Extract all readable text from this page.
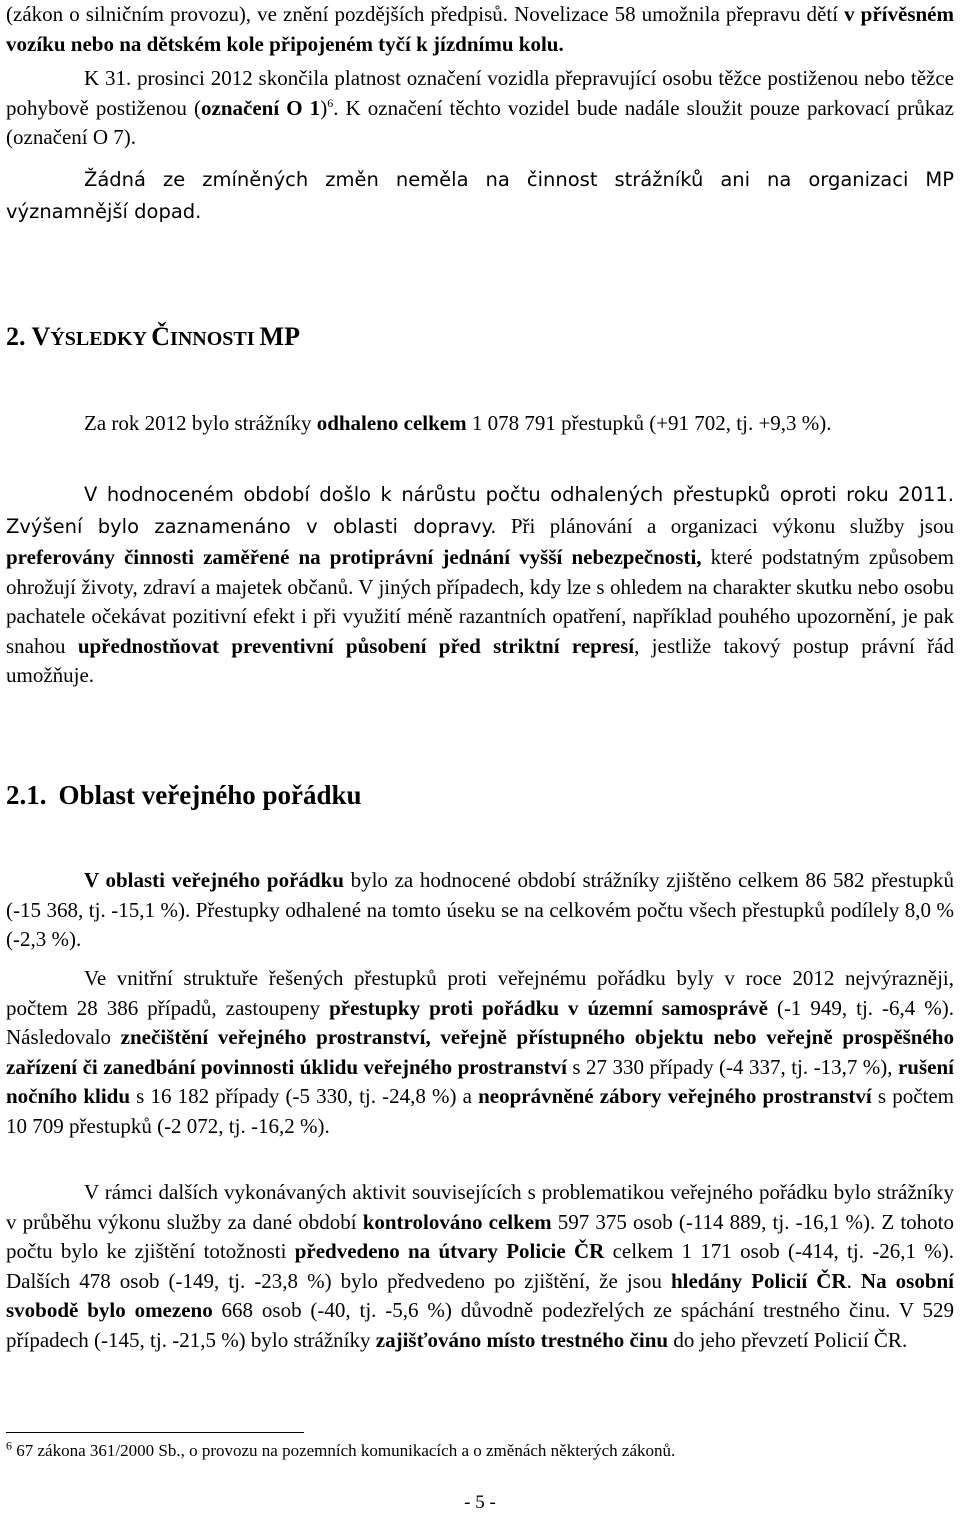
(zákon o silničním provozu), ve znění pozdějších předpisů. Novelizace 58 umožnila přepravu dětí v přívěsném vozíku nebo na dětském kole připojeném tyčí k jízdnímu kolu.

K 31. prosinci 2012 skončila platnost označení vozidla přepravující osobu těžce postiženou nebo těžce pohybově postiženou (označení O 1)$^6$. K označení těchto vozidel bude nadále sloužit pouze parkovací průkaz (označení O 7).

Žádná ze zmíněných změn neměla na činnost strážníků ani na organizaci MP významnější dopad.

2. VÝSLEDKY ČINNOSTI MP

Za rok 2012 bylo strážníky odhaleno celkem 1 078 791 přestupků (+91 702, tj. +9,3 %).

V hodnoceném období došlo k nárůstu počtu odhalených přestupků oproti roku 2011. Zvýšení bylo zaznamenáno v oblasti dopravy. Při plánování a organizaci výkonu služby jsou preferovány činnosti zaměřené na protiprávní jednání vyšší nebezpečnosti, které podstatným způsobem ohrožují životy, zdraví a majetek občanů. V jiných případech, kdy lze s ohledem na charakter skutku nebo osobu pachatele očekávat pozitivní efekt i při využití méně razantních opatření, například pouhého upozornění, je pak snahou upřednostňovat preventivní působení před striktní represí, jestliže takový postup právní řád umožňuje.

2.1. Oblast veřejného pořádku

V oblasti veřejného pořádku bylo za hodnocené období strážníky zjištěno celkem 86 582 přestupků (-15 368, tj. -15,1 %). Přestupky odhalené na tomto úseku se na celkovém počtu všech přestupků podílely 8,0 % (-2,3 %).

Ve vnitřní struktuře řešených přestupků proti veřejnému pořádku byly v roce 2012 nejvýrazněji, počtem 28 386 případů, zastoupeny přestupky proti pořádku v územní samosprávě (-1 949, tj. -6,4 %). Následovalo znečištění veřejného prostranství, veřejně přístupného objektu nebo veřejně prospěšného zařízení či zanedbání povinnosti úklidu veřejného prostranství s 27 330 případy (-4 337, tj. -13,7 %), rušení nočního klidu s 16 182 případy (-5 330, tj. -24,8 %) a neoprávněné zábory veřejného prostranství s počtem 10 709 přestupků (-2 072, tj. -16,2 %).

V rámci dalších vykonávaných aktivit souvisejících s problematikou veřejného pořádku bylo strážníky v průběhu výkonu služby za dané období kontrolováno celkem 597 375 osob (-114 889, tj. -16,1 %). Z tohoto počtu bylo ke zjištění totožnosti předvedeno na útvary Policie ČR celkem 1 171 osob (-414, tj. -26,1 %). Dalších 478 osob (-149, tj. -23,8 %) bylo předvedeno po zjištění, že jsou hledány Policií ČR. Na osobní svobodě bylo omezeno 668 osob (-40, tj. -5,6 %) důvodně podezřelých ze spáchání trestného činu. V 529 případech (-145, tj. -21,5 %) bylo strážníky zajišťováno místo trestného činu do jeho převzetí Policií ČR.

$^6$ 67 zákona 361/2000 Sb., o provozu na pozemních komunikacích a o změnách některých zákonů.
- 5 -
